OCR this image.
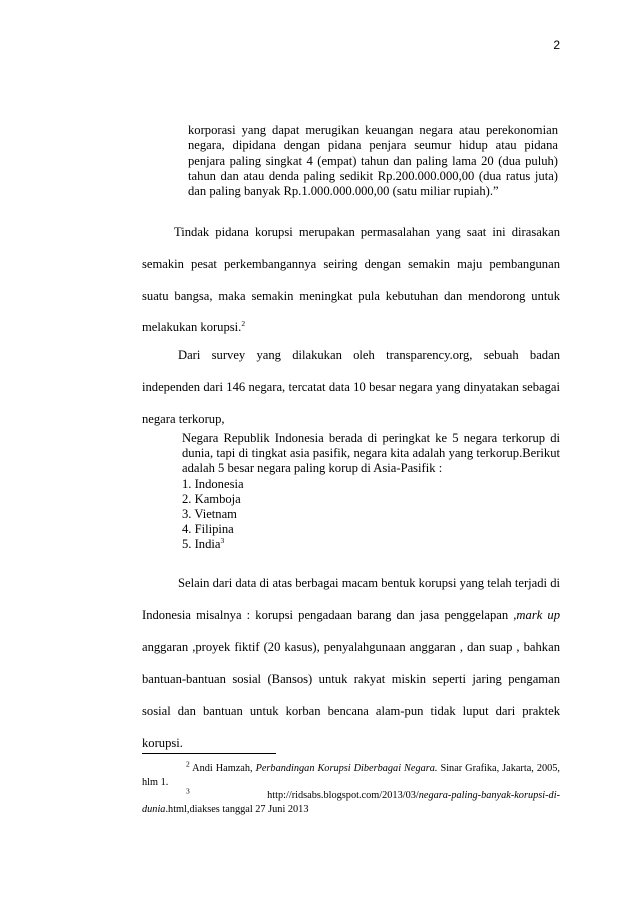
2
korporasi yang dapat merugikan keuangan negara atau perekonomian negara, dipidana dengan pidana penjara seumur hidup atau pidana penjara paling singkat 4 (empat) tahun dan paling lama 20 (dua puluh) tahun dan atau denda paling sedikit Rp.200.000.000,00 (dua ratus juta) dan paling banyak Rp.1.000.000.000,00 (satu miliar rupiah).”
Tindak pidana korupsi merupakan permasalahan yang saat ini dirasakan semakin pesat perkembangannya seiring dengan semakin maju pembangunan suatu bangsa, maka semakin meningkat pula kebutuhan dan mendorong untuk melakukan korupsi.$^2$
Dari survey yang dilakukan oleh transparency.org, sebuah badan independen dari 146 negara, tercatat data 10 besar negara yang dinyatakan sebagai negara terkorup,

Negara Republik Indonesia berada di peringkat ke 5 negara terkorup di dunia, tapi di tingkat asia pasifik, negara kita adalah yang terkorup.Berikut adalah 5 besar negara paling korup di Asia-Pasifik :

1. Indonesia
2. Kamboja
3. Vietnam
4. Filipina
5. India$^3$
Selain dari data di atas berbagai macam bentuk korupsi yang telah terjadi di Indonesia misalnya : korupsi pengadaan barang dan jasa penggelapan ,mark up anggaran ,proyek fiktif (20 kasus), penyalahgunaan anggaran , dan suap , bahkan bantuan-bantuan sosial (Bansos) untuk rakyat miskin seperti jaring pengaman sosial dan bantuan untuk korban bencana alam-pun tidak luput dari praktek korupsi.

$^2$ Andi Hamzah, Perbandingan Korupsi Diberbagai Negara. Sinar Grafika, Jakarta, 2005, hlm 1.

$^3$	http://ridsabs.blogspot.com/2013/03/negara-paling-banyak-korupsi-di-dunia.html,diakses tanggal 27 Juni 2013
